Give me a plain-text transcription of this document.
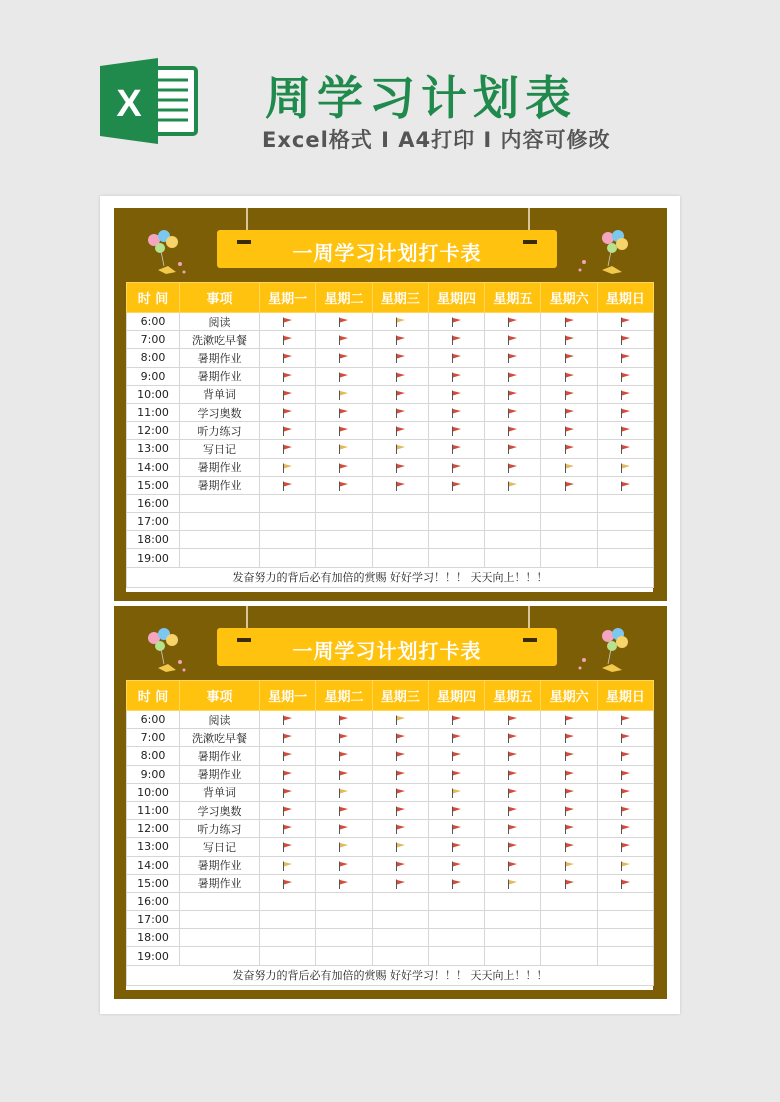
X	周学习计划表
Excel格式 I A4打印 I 内容可修改
一周学习计划打卡表
时 间	事项	星期一	星期二	星期三	星期四	星期五	星期六	星期日
6:00	阅读							
7:00	洗漱吃早餐							
8:00	暑期作业							
9:00	暑期作业							
10:00	背单词							
11:00	学习奥数							
12:00	听力练习							
13:00	写日记							
14:00	暑期作业							
15:00	暑期作业							
16:00								
17:00								
18:00								
19:00								
发奋努力的背后必有加倍的赏赐 好好学习！！！ 天天向上！！！								
一周学习计划打卡表
时 间	事项	星期一	星期二	星期三	星期四	星期五	星期六	星期日
6:00	阅读							
7:00	洗漱吃早餐							
8:00	暑期作业							
9:00	暑期作业							
10:00	背单词							
11:00	学习奥数							
12:00	听力练习							
13:00	写日记							
14:00	暑期作业							
15:00	暑期作业							
16:00								
17:00								
18:00								
19:00								
发奋努力的背后必有加倍的赏赐 好好学习！！！ 天天向上！！！								
